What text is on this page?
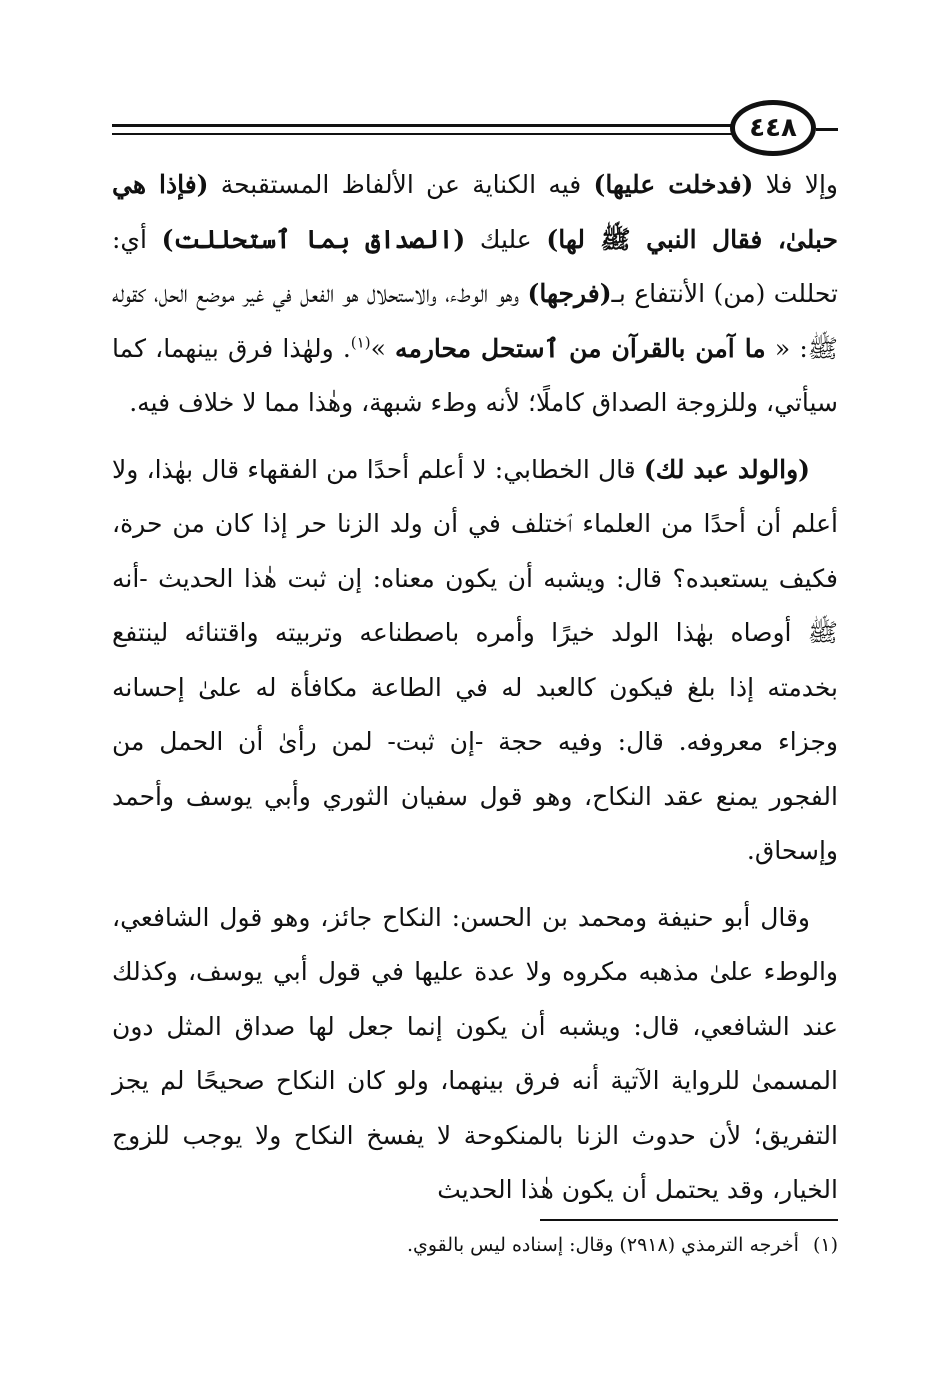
٤٤٨

وإلا فلا (فدخلت عليها) فيه الكناية عن الألفاظ المستقبحة (فإذا هي حبلىٰ، فقال النبي ﷺ لها) عليك (الصداق بما ٱستحللت) أي: تحللت (من) الأنتفاع بـ(فرجها) وهو الوطء، والاستحلال هو الفعل في غير موضع الحل، كقوله ﷺ: « ما آمن بالقرآن من ٱستحل محارمه »$^{(١)}$. ولهٰذا فرق بينهما، كما سيأتي، وللزوجة الصداق كاملًا؛ لأنه وطء شبهة، وهٰذا مما لا خلاف فيه.

(والولد عبد لك) قال الخطابي: لا أعلم أحدًا من الفقهاء قال بهٰذا، ولا أعلم أن أحدًا من العلماء ٱختلف في أن ولد الزنا حر إذا كان من حرة، فكيف يستعبده؟ قال: ويشبه أن يكون معناه: إن ثبت هٰذا الحديث -أنه ﷺ أوصاه بهٰذا الولد خيرًا وأمره باصطناعه وتربيته واقتنائه لينتفع بخدمته إذا بلغ فيكون كالعبد له في الطاعة مكافأة له علىٰ إحسانه وجزاء معروفه. قال: وفيه حجة -إن ثبت- لمن رأىٰ أن الحمل من الفجور يمنع عقد النكاح، وهو قول سفيان الثوري وأبي يوسف وأحمد وإسحاق.

وقال أبو حنيفة ومحمد بن الحسن: النكاح جائز، وهو قول الشافعي، والوطء علىٰ مذهبه مكروه ولا عدة عليها في قول أبي يوسف، وكذلك عند الشافعي، قال: ويشبه أن يكون إنما جعل لها صداق المثل دون المسمىٰ للرواية الآتية أنه فرق بينهما، ولو كان النكاح صحيحًا لم يجز التفريق؛ لأن حدوث الزنا بالمنكوحة لا يفسخ النكاح ولا يوجب للزوج الخيار، وقد يحتمل أن يكون هٰذا الحديث

(١)أخرجه الترمذي (٢٩١٨) وقال: إسناده ليس بالقوي.
